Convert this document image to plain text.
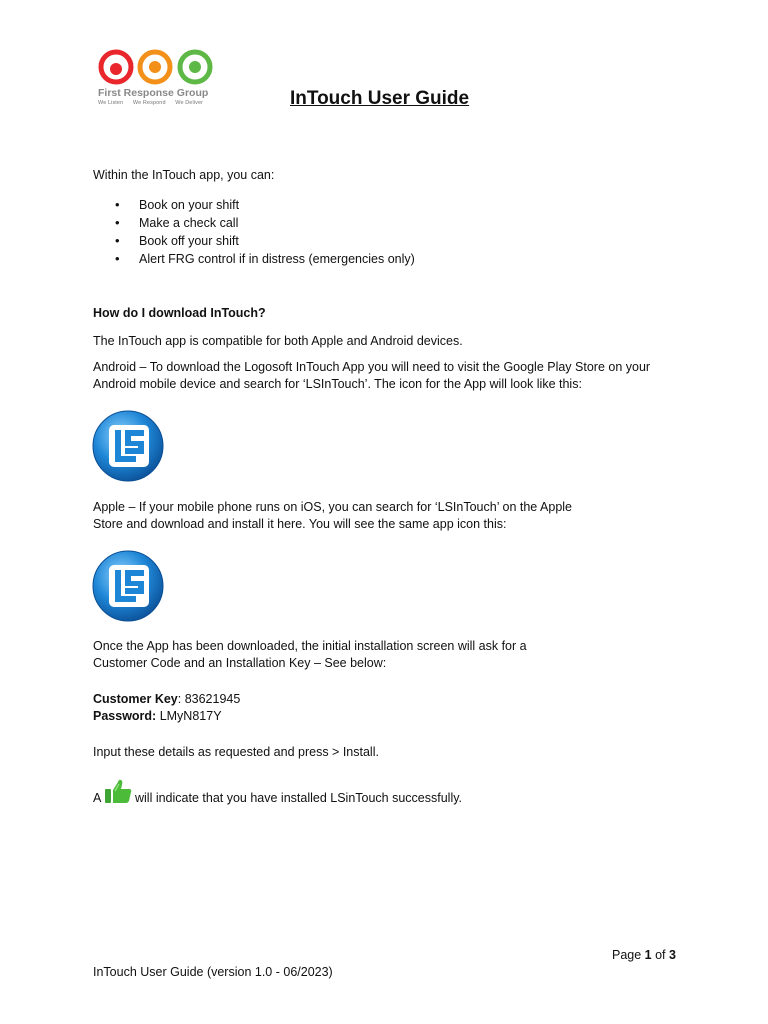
First Response Group
We Listen We Respond We Deliver	InTouch User Guide
Within the InTouch app, you can:
• Book on your shift
• Make a check call
• Book off your shift
• Alert FRG control if in distress (emergencies only)
How do I download InTouch?
The InTouch app is compatible for both Apple and Android devices.
Android – To download the Logosoft InTouch App you will need to visit the Google Play Store on your
Android mobile device and search for ‘LSInTouch’. The icon for the App will look like this:
Apple – If your mobile phone runs on iOS, you can search for ‘LSInTouch’ on the Apple
Store and download and install it here. You will see the same app icon this:
Once the App has been downloaded, the initial installation screen will ask for a
Customer Code and an Installation Key – See below:
Customer Key: 83621945
Password: LMyN817Y
Input these details as requested and press > Install.
A	will indicate that you have installed LSinTouch successfully.
Page 1 of 3
InTouch User Guide (version 1.0 - 06/2023)
